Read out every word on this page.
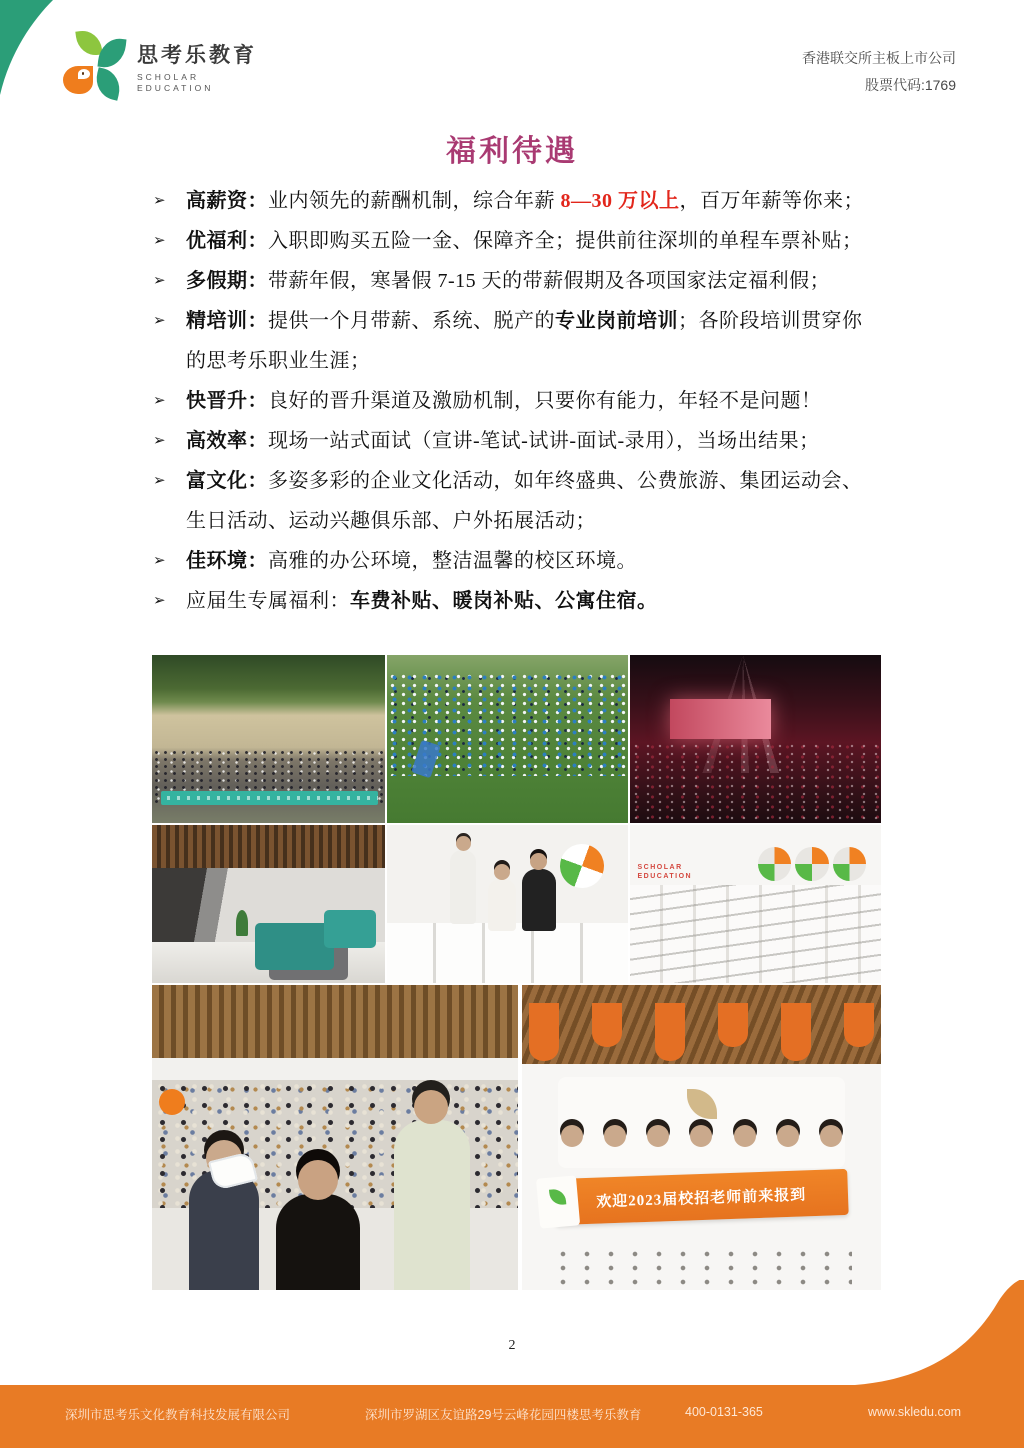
思考乐教育
SCHOLAR
EDUCATION
香港联交所主板上市公司
股票代码:1769
福利待遇
➢ 高薪资：业内领先的薪酬机制，综合年薪 8—30 万以上，百万年薪等你来；
➢ 优福利：入职即购买五险一金、保障齐全；提供前往深圳的单程车票补贴；
➢ 多假期：带薪年假，寒暑假 7-15 天的带薪假期及各项国家法定福利假；
➢ 精培训：提供一个月带薪、系统、脱产的专业岗前培训；各阶段培训贯穿你
的思考乐职业生涯；
➢ 快晋升：良好的晋升渠道及激励机制，只要你有能力，年轻不是问题！
➢ 高效率：现场一站式面试（宣讲-笔试-试讲-面试-录用），当场出结果；
➢ 富文化：多姿多彩的企业文化活动，如年终盛典、公费旅游、集团运动会、
生日活动、运动兴趣俱乐部、户外拓展活动；
➢ 佳环境：高雅的办公环境，整洁温馨的校区环境。
➢ 应届生专属福利：车费补贴、暖岗补贴、公寓住宿。
SCHOLAR
EDUCATION
欢迎2023届校招老师前来报到
2
深圳市思考乐文化教育科技发展有限公司	深圳市罗湖区友谊路29号云峰花园四楼思考乐教育	400-0131-365	www.skledu.com
